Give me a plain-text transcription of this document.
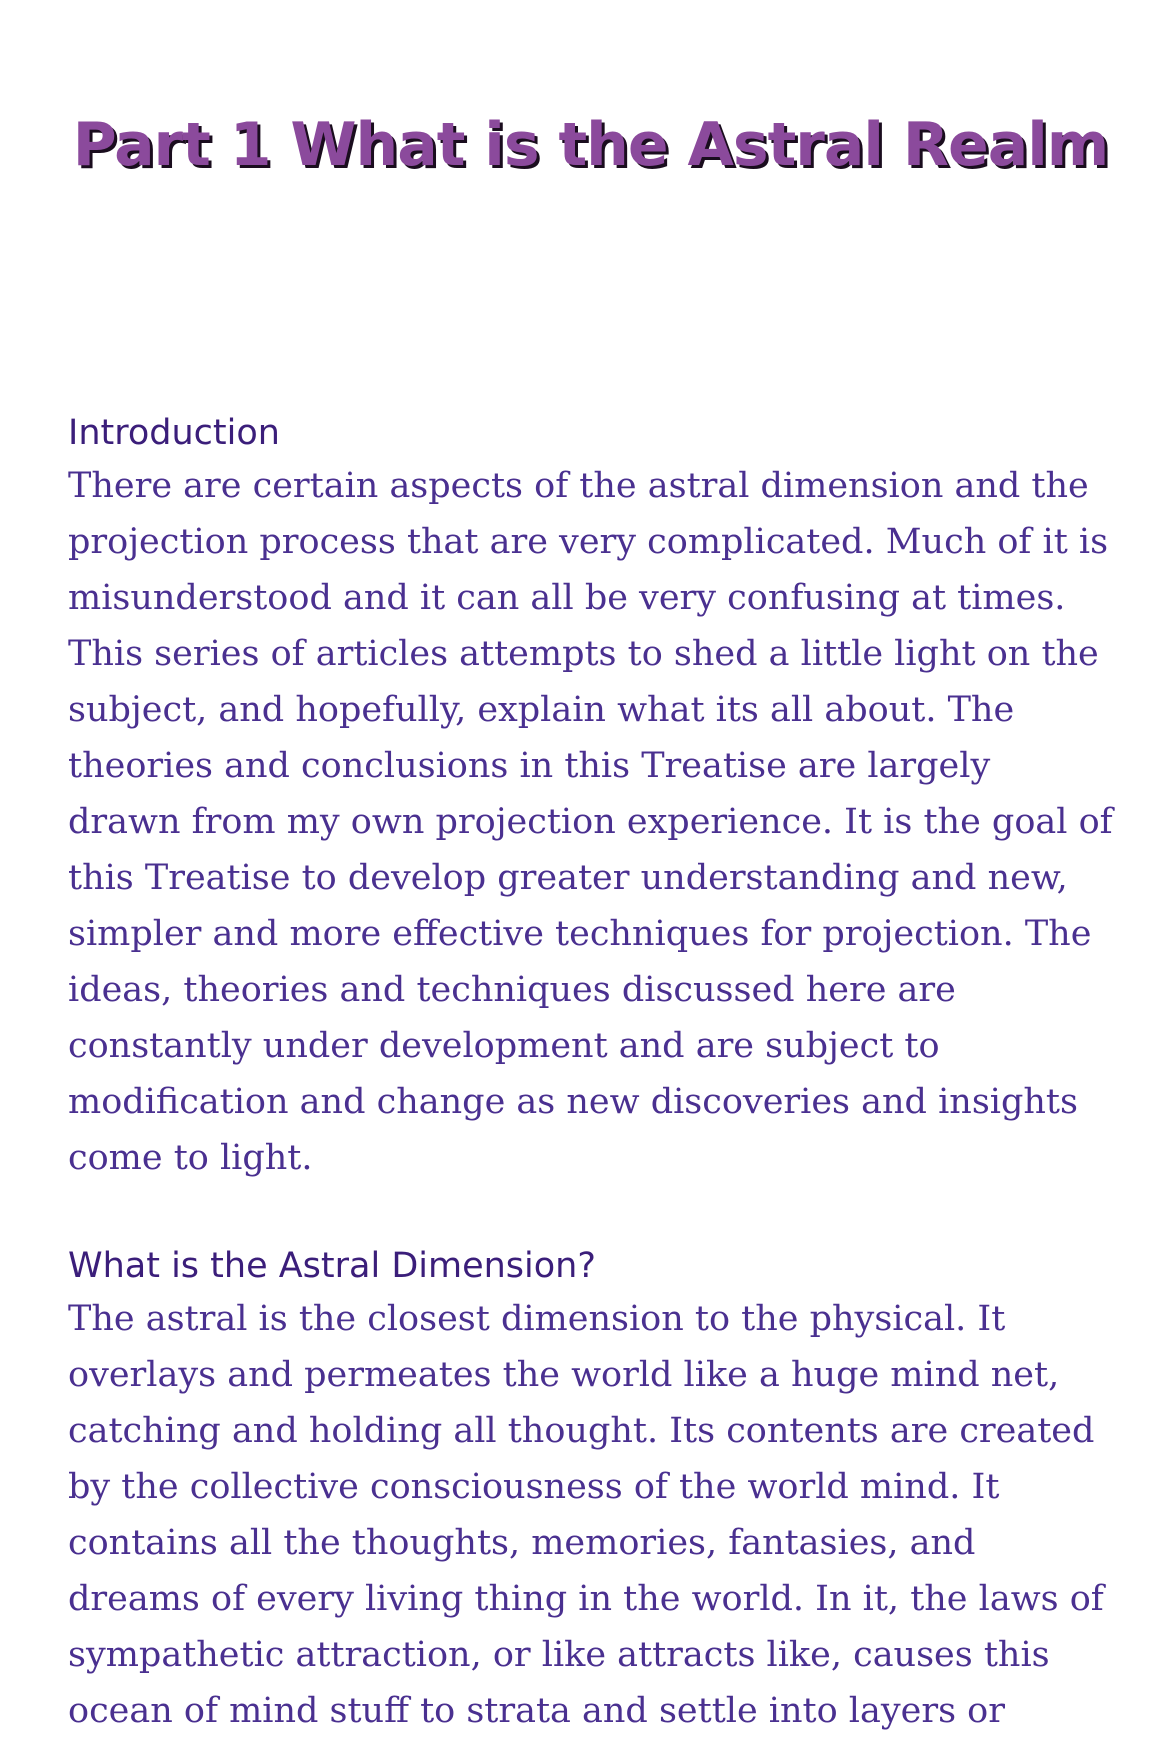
Part 1 What is the Astral Realm
Introduction

There are certain aspects of the astral dimension and the projection process that are very complicated. Much of it is misunderstood and it can all be very confusing at times. This series of articles attempts to shed a little light on the subject, and hopefully, explain what its all about. The theories and conclusions in this Treatise are largely drawn from my own projection experience. It is the goal of this Treatise to develop greater understanding and new, simpler and more effective techniques for projection. The ideas, theories and techniques discussed here are constantly under development and are subject to modification and change as new discoveries and insights come to light.

What is the Astral Dimension?

The astral is the closest dimension to the physical. It overlays and permeates the world like a huge mind net, catching and holding all thought. Its contents are created by the collective consciousness of the world mind. It contains all the thoughts, memories, fantasies, and dreams of every living thing in the world. In it, the laws of sympathetic attraction, or like attracts like, causes this ocean of mind stuff to strata and settle into layers or
